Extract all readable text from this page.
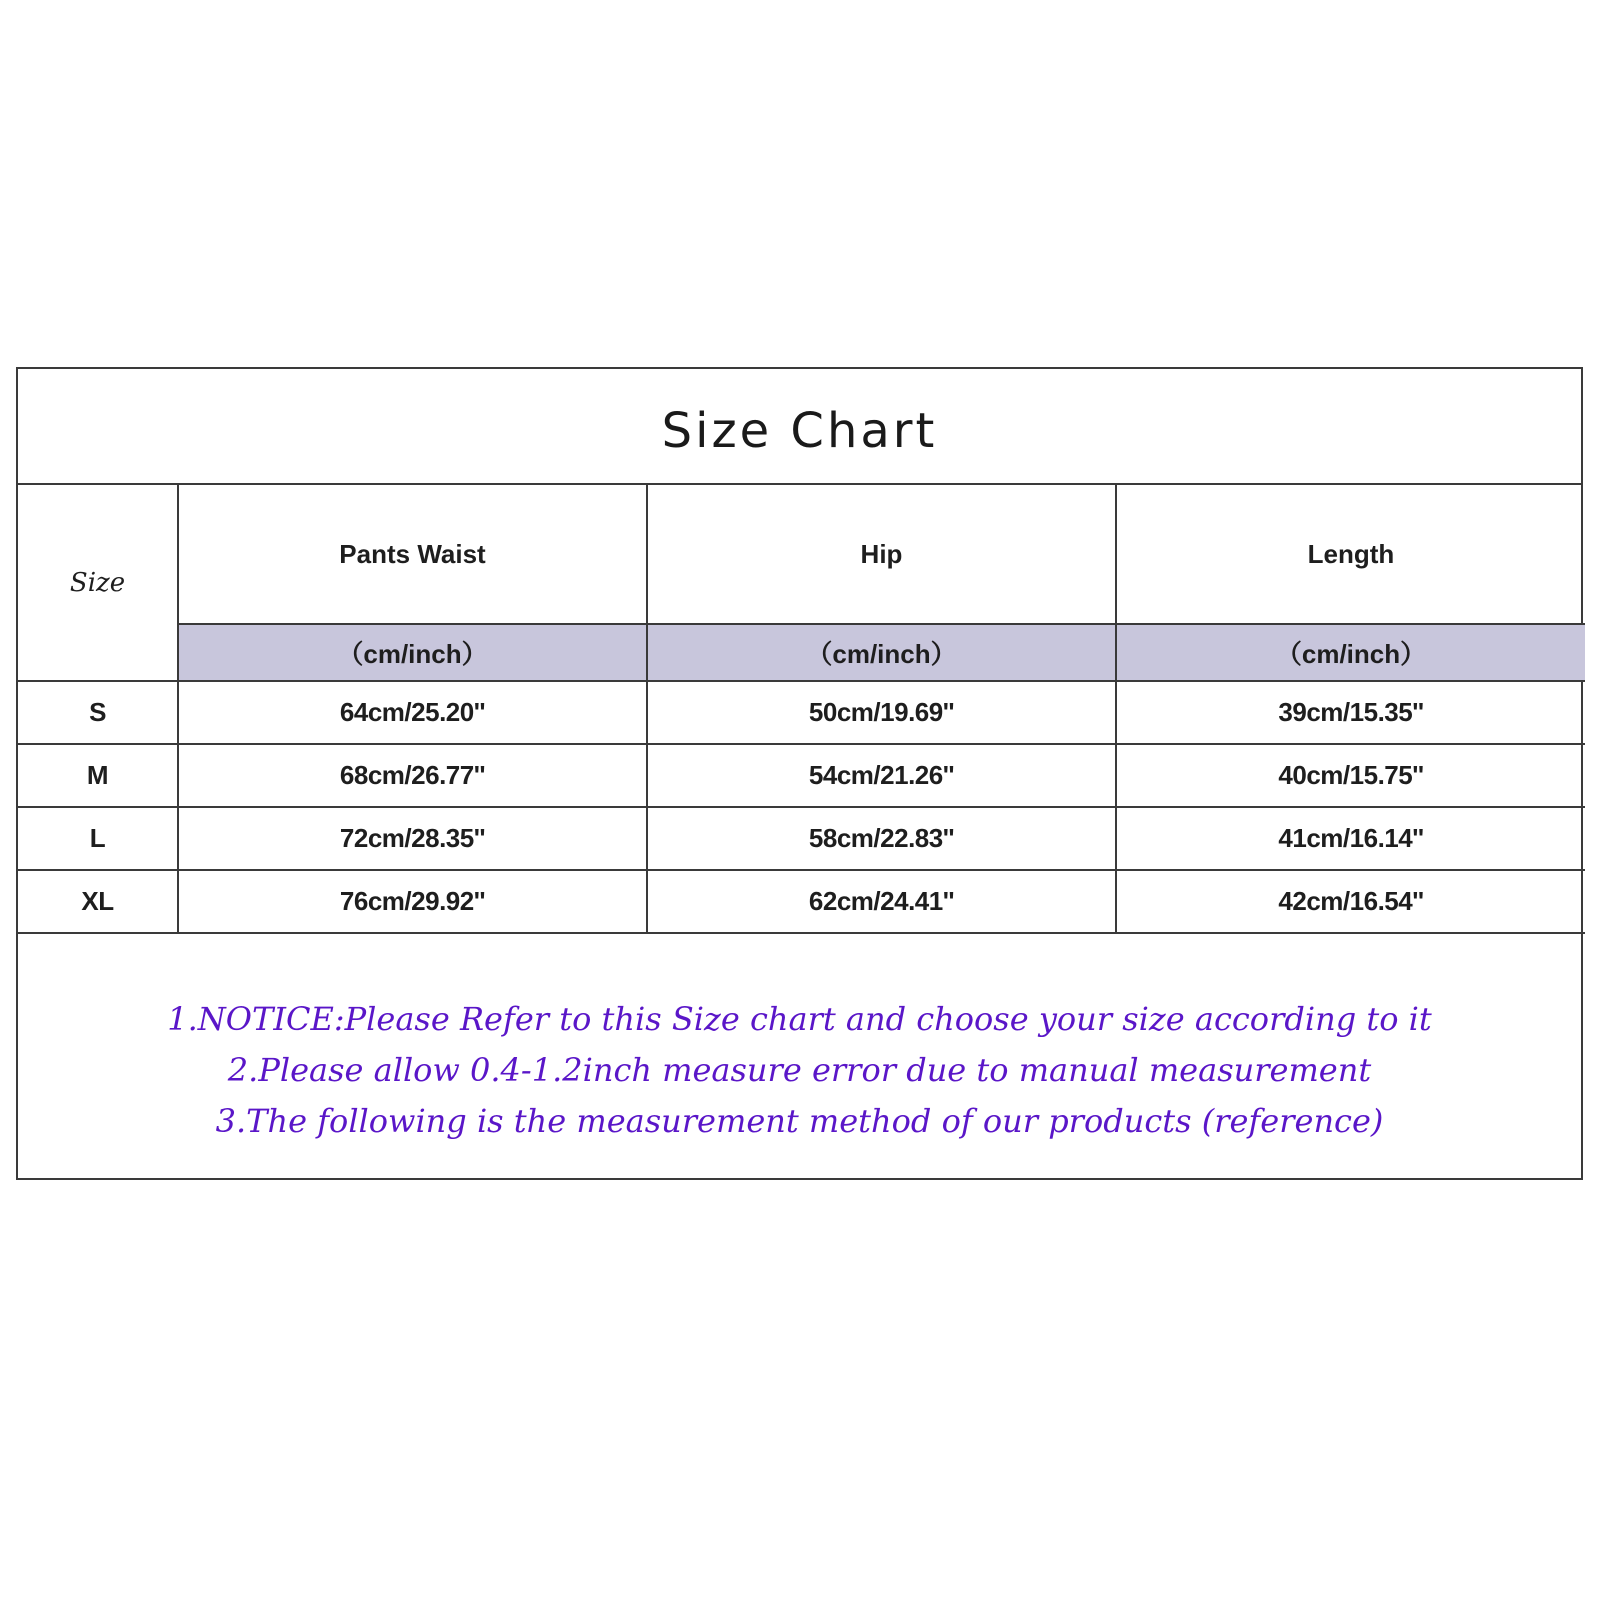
Size Chart
Size	Pants Waist	Hip	Length
	（cm/inch）	（cm/inch）	（cm/inch）
S	64cm/25.20''	50cm/19.69''	39cm/15.35''
M	68cm/26.77''	54cm/21.26''	40cm/15.75''
L	72cm/28.35''	58cm/22.83''	41cm/16.14''
XL	76cm/29.92''	62cm/24.41''	42cm/16.54''
1.NOTICE:Please Refer to this Size chart and choose your size according to it
2.Please allow 0.4-1.2inch measure error due to manual measurement
3.The following is the measurement method of our products (reference)
